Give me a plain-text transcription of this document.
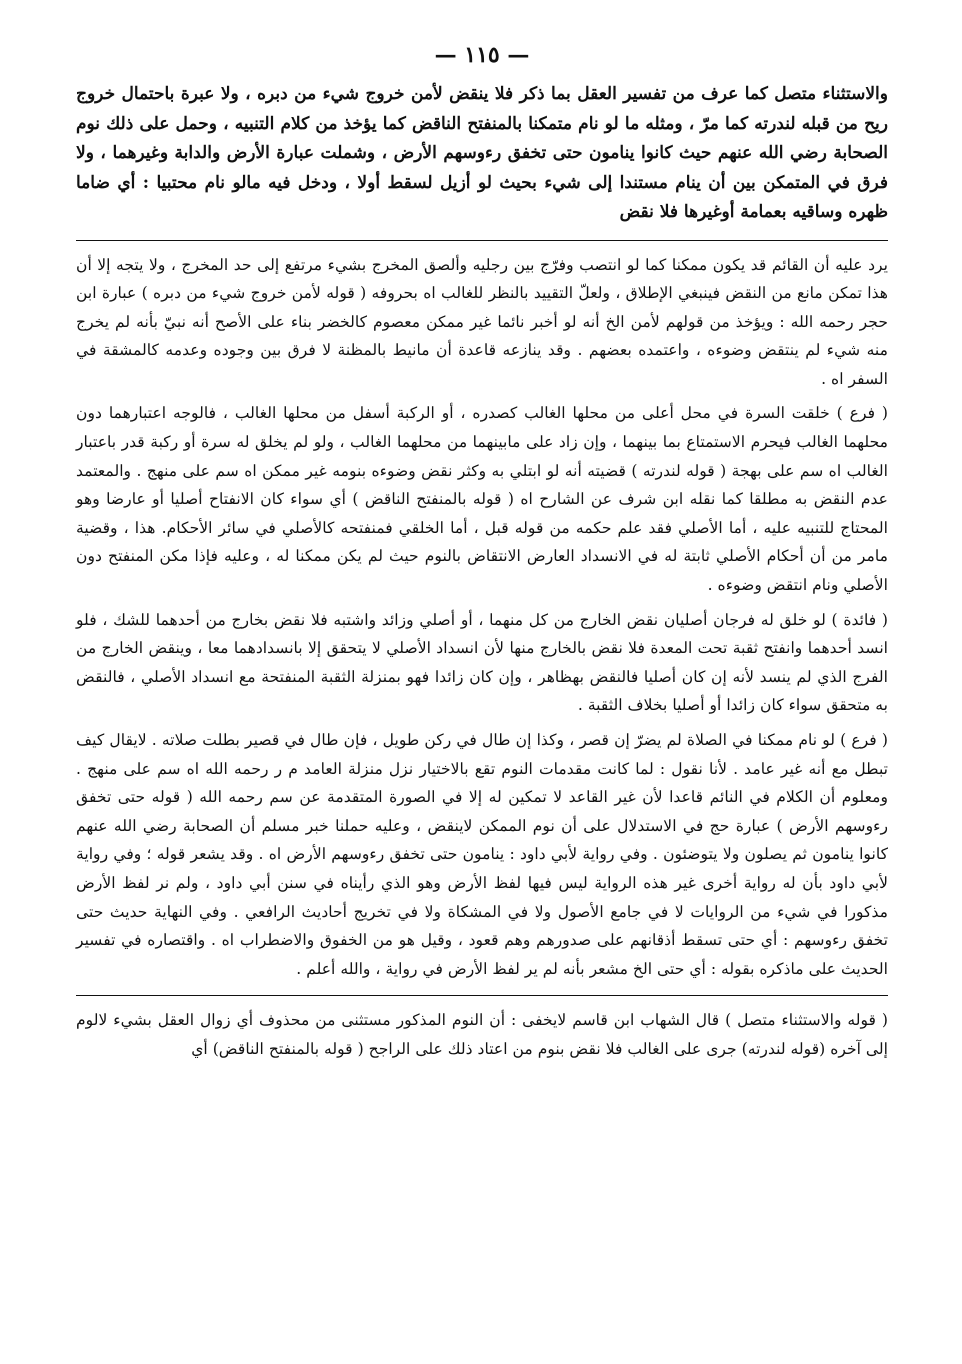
— ١١٥ —

والاستثناء متصل كما عرف من تفسير العقل بما ذكر فلا ينقض لأمن خروج شيء من دبره ، ولا عبرة باحتمال خروج ريح من قبله لندرته كما مرّ ، ومثله ما لو نام متمكنا بالمنفتح الناقض كما يؤخذ من كلام التنبيه ، وحمل على ذلك نوم الصحابة رضي الله عنهم حيث كانوا ينامون حتى تخفق رءوسهم الأرض ، وشملت عبارة الأرض والدابة وغيرهما ، ولا فرق في المتمكن بين أن ينام مستندا إلى شيء بحيث لو أزيل لسقط أولا ، ودخل فيه مالو نام محتبيا : أي ضاما ظهره وساقيه بعمامة أوغيرها فلا نقض

يرد عليه أن القائم قد يكون ممكنا كما لو انتصب وفرّج بين رجليه وألصق المخرج بشيء مرتفع إلى حد المخرج ، ولا يتجه إلا أن هذا تمكن مانع من النقض فينبغي الإطلاق ، ولعلّ التقييد بالنظر للغالب اه بحروفه ( قوله لأمن خروج شيء من دبره ) عبارة ابن حجر رحمه الله : ويؤخذ من قولهم لأمن الخ أنه لو أخبر نائما غير ممكن معصوم كالخضر بناء على الأصح أنه نبيّ بأنه لم يخرج منه شيء لم ينتقض وضوءه ، واعتمده بعضهم . وقد ينازعه قاعدة أن مانيط بالمظنة لا فرق بين وجوده وعدمه كالمشقة في السفر اه .

( فرع ) خلقت السرة في محل أعلى من محلها الغالب كصدره ، أو الركبة أسفل من محلها الغالب ، فالوجه اعتبارهما دون محلهما الغالب فيحرم الاستمتاع بما بينهما ، وإن زاد على مابينهما من محلهما الغالب ، ولو لم يخلق له سرة أو ركبة قدر باعتبار الغالب اه سم على بهجة ( قوله لندرته ) قضيته أنه لو ابتلي به وكثر نقض وضوءه بنومه غير ممكن اه سم على منهج . والمعتمد عدم النقض به مطلقا كما نقله ابن شرف عن الشارح اه ( قوله بالمنفتح الناقض ) أي سواء كان الانفتاح أصليا أو عارضا وهو المحتاج للتنبيه عليه ، أما الأصلي فقد علم حكمه من قوله قبل ، أما الخلقي فمنفتحه كالأصلي في سائر الأحكام. هذا ، وقضية مامر من أن أحكام الأصلي ثابتة له في الانسداد العارض الانتقاض بالنوم حيث لم يكن ممكنا له ، وعليه فإذا مكن المنفتح دون الأصلي ونام انتقض وضوءه .

( فائدة ) لو خلق له فرجان أصليان نقض الخارج من كل منهما ، أو أصلي وزائد واشتبه فلا نقض بخارج من أحدهما للشك ، فلو انسد أحدهما وانفتح ثقبة تحت المعدة فلا نقض بالخارج منها لأن انسداد الأصلي لا يتحقق إلا بانسدادهما معا ، وينقض الخارج من الفرج الذي لم ينسد لأنه إن كان أصليا فالنقض بهظاهر ، وإن كان زائدا فهو بمنزلة الثقبة المنفتحة مع انسداد الأصلي ، فالنقض به متحقق سواء كان زائدا أو أصليا بخلاف الثقبة .

( فرع ) لو نام ممكنا في الصلاة لم يضرّ إن قصر ، وكذا إن طال في ركن طويل ، فإن طال في قصير بطلت صلاته . لايقال كيف تبطل مع أنه غير عامد . لأنا نقول : لما كانت مقدمات النوم تقع بالاختيار نزل منزلة العامد م ر رحمه الله اه سم على منهج . ومعلوم أن الكلام في النائم قاعدا لأن غير القاعد لا تمكين له إلا في الصورة المتقدمة عن سم رحمه الله ( قوله حتى تخفق رءوسهم الأرض ) عبارة حج في الاستدلال على أن نوم الممكن لاينقض ، وعليه حملنا خبر مسلم أن الصحابة رضي الله عنهم كانوا ينامون ثم يصلون ولا يتوضئون . وفي رواية لأبي داود : ينامون حتى تخفق رءوسهم الأرض اه . وقد يشعر قوله ؛ وفي رواية لأبي داود بأن له رواية أخرى غير هذه الرواية ليس فيها لفظ الأرض وهو الذي رأيناه في سنن أبي داود ، ولم نر لفظ الأرض مذكورا في شيء من الروايات لا في جامع الأصول ولا في المشكاة ولا في تخريج أحاديث الرافعي . وفي النهاية حديث حتى تخفق رءوسهم : أي حتى تسقط أذقانهم على صدورهم وهم قعود ، وقيل هو من الخفوق والاضطراب اه . واقتصاره في تفسير الحديث على ماذكره بقوله : أي حتى الخ مشعر بأنه لم ير لفظ الأرض في رواية ، والله أعلم .

( قوله والاستثناء متصل ) قال الشهاب ابن قاسم لايخفى : أن النوم المذكور مستثنى من محذوف أي زوال العقل بشيء لالوم إلى آخره (قوله لندرته) جرى على الغالب فلا نقض بنوم من اعتاد ذلك على الراجح ( قوله بالمنفتح الناقض) أي
